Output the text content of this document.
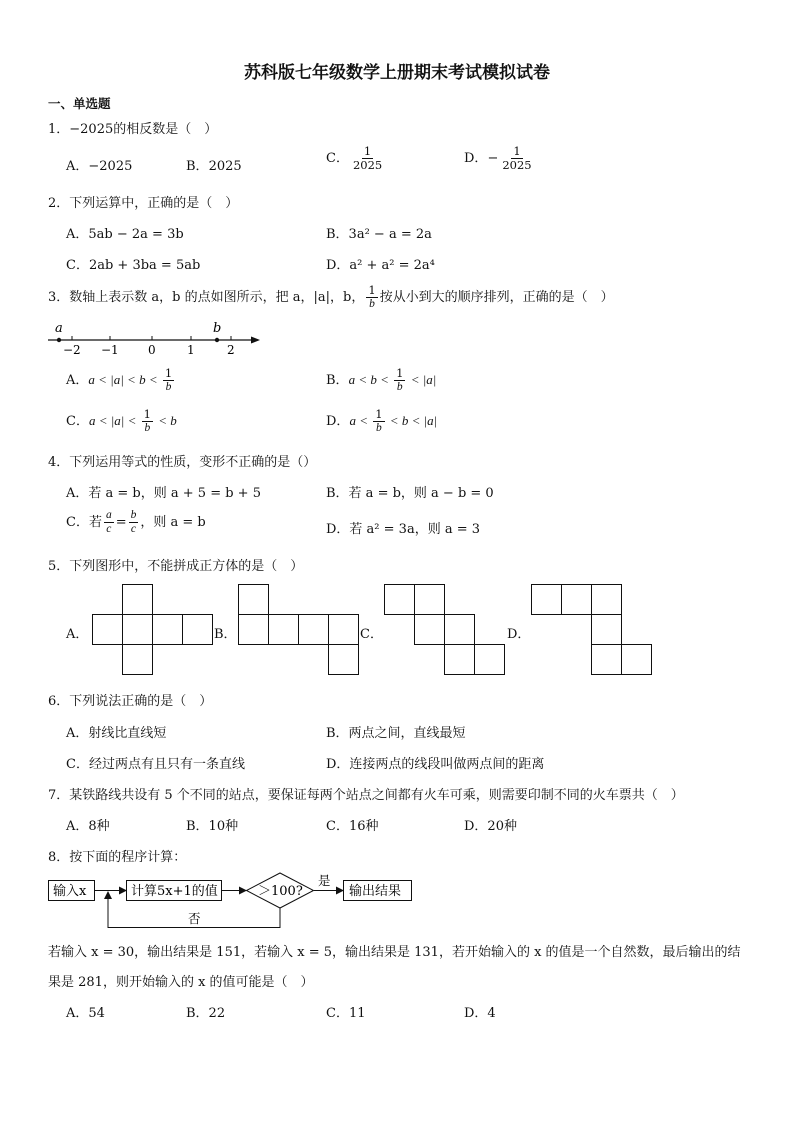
苏科版七年级数学上册期末考试模拟试卷
一、单选题
1．−2025的相反数是（　）
A．−2025	B．2025
C． $\frac{1}{2025}$	D．− $\frac{1}{2025}$
2．下列运算中，正确的是（　）
A．5ab − 2a = 3b	B．3a² − a = 2a
C．2ab + 3ba = 5ab	D．a² + a² = 2a⁴
3．数轴上表示数 a，b 的点如图所示，把 a，|a|，b， $\frac{1}{b}$ 按从小到大的顺序排列，正确的是（　）
a	b
−2 −1 0	1	2
A．$a < |a| < b < \frac{1}{b}$	B．$a < b < \frac{1}{b} < |a|$
C．$a < |a| < \frac{1}{b} < b$	D．$a < \frac{1}{b} < b < |a|$
4．下列运用等式的性质，变形不正确的是（）
A．若 a = b，则 a + 5 = b + 5	B．若 a = b，则 a − b = 0
C．若 $\frac{a}{c} = \frac{b}{c}$ ，则 a = b	D．若 a² = 3a，则 a = 3
5．下列图形中，不能拼成正方体的是（　）
A．	B．	C．	D．
6．下列说法正确的是（　）
A．射线比直线短	B．两点之间，直线最短
C．经过两点有且只有一条直线	D．连接两点的线段叫做两点间的距离
7．某铁路线共设有 5 个不同的站点，要保证每两个站点之间都有火车可乘，则需要印制不同的火车票共（　）
A．8种	B．10种	C．16种	D．20种
8．按下面的程序计算：
输入x	计算5x+1的值	＞100?
是
输出结果
否
若输入 x = 30，输出结果是 151，若输入 x = 5，输出结果是 131，若开始输入的 x 的值是一个自然数，最后输出的结
果是 281，则开始输入的 x 的值可能是（　）
A．54	B．22	C．11	D．4
